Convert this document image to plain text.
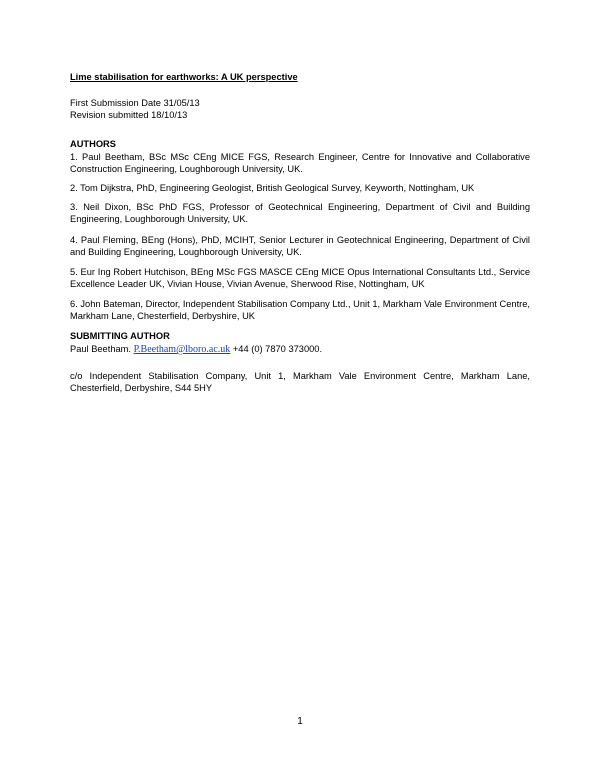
Lime stabilisation for earthworks: A UK perspective
First Submission Date 31/05/13
Revision submitted 18/10/13
AUTHORS
1. Paul Beetham, BSc MSc CEng MICE FGS, Research Engineer, Centre for Innovative and Collaborative Construction Engineering, Loughborough University, UK.
2. Tom Dijkstra, PhD, Engineering Geologist, British Geological Survey, Keyworth, Nottingham, UK
3. Neil Dixon, BSc PhD FGS, Professor of Geotechnical Engineering, Department of Civil and Building Engineering, Loughborough University, UK.
4. Paul Fleming, BEng (Hons), PhD, MCIHT, Senior Lecturer in Geotechnical Engineering, Department of Civil and Building Engineering, Loughborough University, UK.
5. Eur Ing Robert Hutchison, BEng MSc FGS MASCE CEng MICE Opus International Consultants Ltd., Service Excellence Leader UK, Vivian House, Vivian Avenue, Sherwood Rise, Nottingham, UK
6. John Bateman, Director, Independent Stabilisation Company Ltd., Unit 1, Markham Vale Environment Centre, Markham Lane, Chesterfield, Derbyshire, UK
SUBMITTING AUTHOR
Paul Beetham. P.Beetham@lboro.ac.uk +44 (0) 7870 373000.
c/o Independent Stabilisation Company, Unit 1, Markham Vale Environment Centre, Markham Lane, Chesterfield, Derbyshire, S44 5HY
1
